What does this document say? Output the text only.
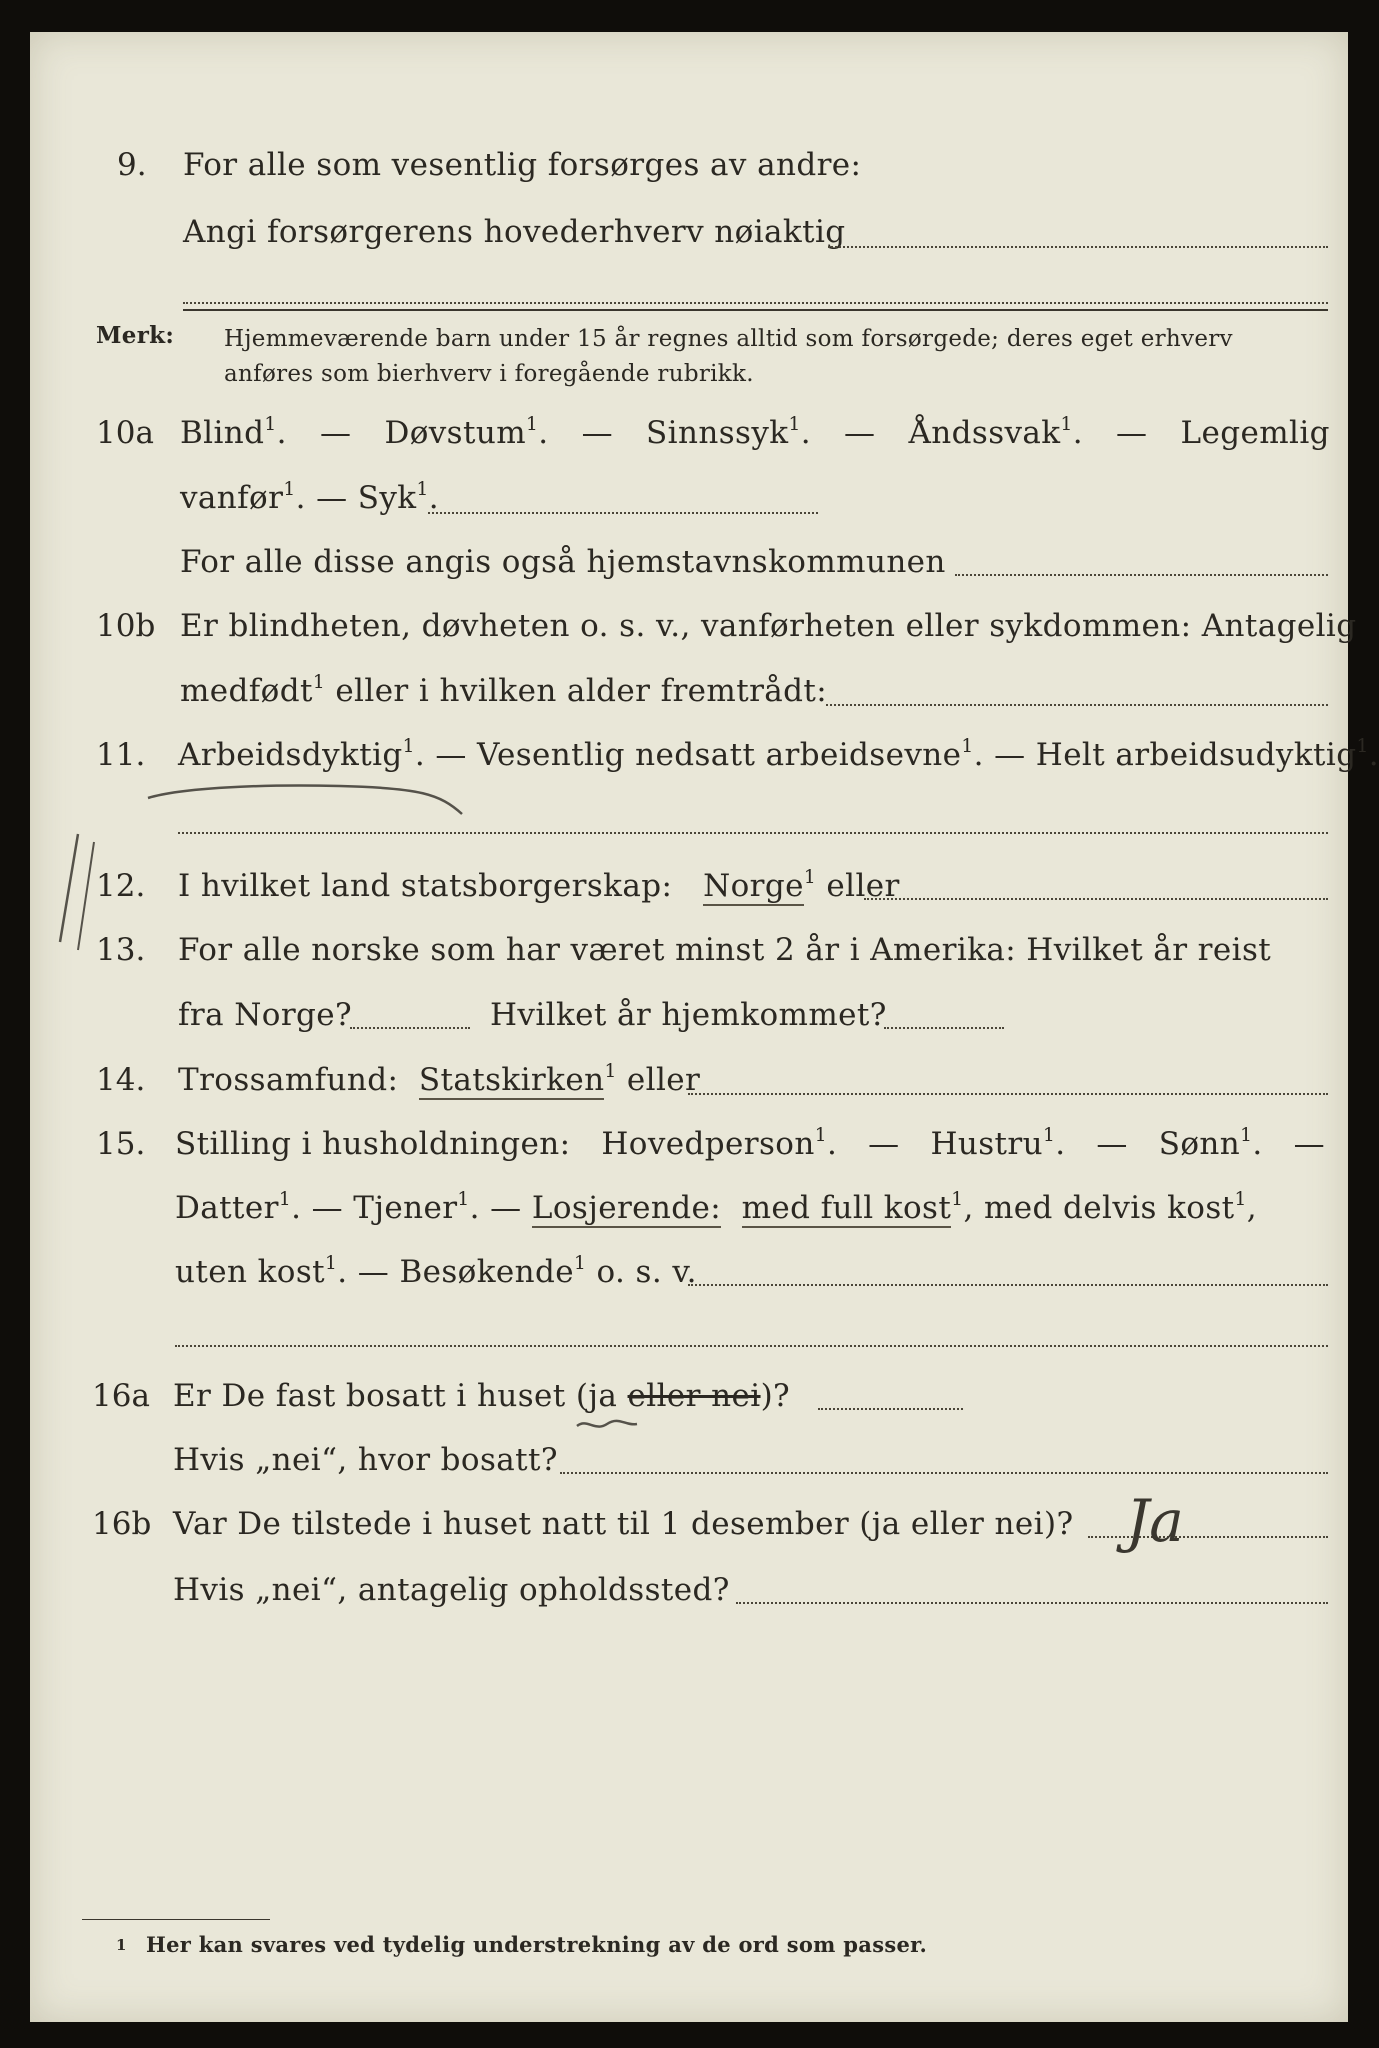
9. For alle som vesentlig forsørges av andre:
Angi forsørgerens hovederhverv nøiaktig
Merk: Hjemmeværende barn under 15 år regnes alltid som forsørgede; deres eget erhverv
anføres som bierhverv i foregående rubrikk.
10a Blind$^1$. — Døvstum$^1$. — Sinnssyk$^1$. — Åndssvak$^1$. — Legemlig
vanfør$^1$. — Syk$^1$.
For alle disse angis også hjemstavnskommunen
10b Er blindheten, døvheten o. s. v., vanførheten eller sykdommen: Antagelig
medfødt$^1$ eller i hvilken alder fremtrådt:
11. Arbeidsdyktig$^1$. — Vesentlig nedsatt arbeidsevne$^1$. — Helt arbeidsudyktig$^1$.
12. I hvilket land statsborgerskap: Norge$^1$ eller
13. For alle norske som har været minst 2 år i Amerika: Hvilket år reist
fra Norge?	Hvilket år hjemkommet?
14. Trossamfund: Statskirken$^1$ eller
15. Stilling i husholdningen: Hovedperson$^1$. — Hustru$^1$. — Sønn$^1$. —
Datter$^1$. — Tjener$^1$. — Losjerende: med full kost$^1$, med delvis kost$^1$,
uten kost$^1$. — Besøkende$^1$ o. s. v.
16a Er De fast bosatt i huset (ja eller nei)?
Hvis „nei“, hvor bosatt?
16b Var De tilstede i huset natt til 1 desember (ja eller nei)? Ja
Hvis „nei“, antagelig opholdssted?
1 Her kan svares ved tydelig understrekning av de ord som passer.
